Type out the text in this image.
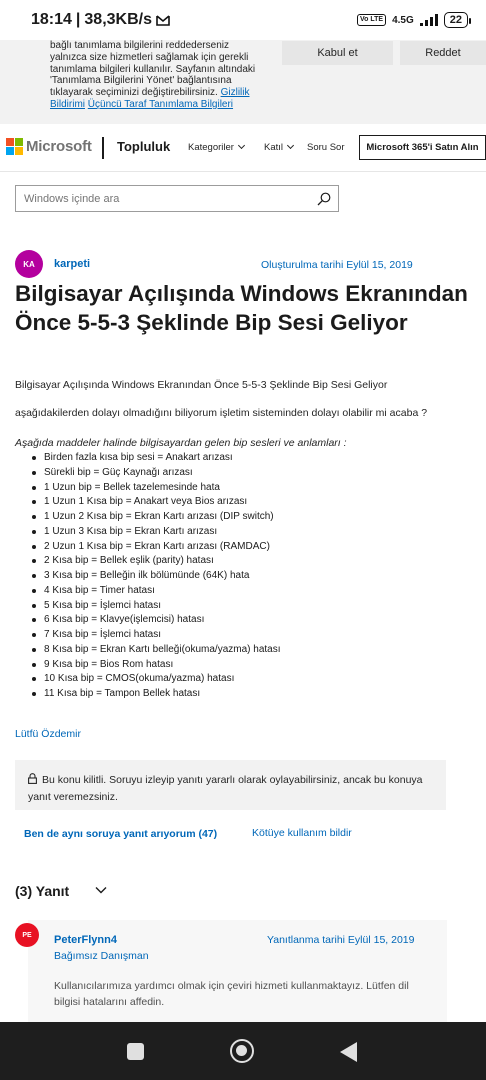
18:14 | 38,3KB/s	Vo LTE 4.5G	22
bağlı tanımlama bilgilerini reddederseniz yalnızca size hizmetleri sağlamak için gerekli tanımlama bilgileri kullanılır. Sayfanın altındaki 'Tanımlama Bilgilerini Yönet' bağlantısına tıklayarak seçiminizi değiştirebilirsiniz. Gizlilik Bildirimi Üçüncü Taraf Tanımlama Bilgileri
Kabul et	Reddet
Microsoft Topluluk Kategoriler	Katıl	Soru Sor	Microsoft 365'i Satın Alın
Windows içinde ara
KA	karpeti	Oluşturulma tarihi Eylül 15, 2019
Bilgisayar Açılışında Windows Ekranından Önce 5-5-3 Şeklinde Bip Sesi Geliyor

Bilgisayar Açılışında Windows Ekranından Önce 5-5-3 Şeklinde Bip Sesi Geliyor

aşağıdakilerden dolayı olmadığını biliyorum işletim sisteminden dolayı olabilir mi acaba ?

Aşağıda maddeler halinde bilgisayardan gelen bip sesleri ve anlamları :

Birden fazla kısa bip sesi = Anakart arızası
Sürekli bip = Güç Kaynağı arızası
1 Uzun bip = Bellek tazelemesinde hata
1 Uzun 1 Kısa bip = Anakart veya Bios arızası
1 Uzun 2 Kısa bip = Ekran Kartı arızası (DIP switch)
1 Uzun 3 Kısa bip = Ekran Kartı arızası
2 Uzun 1 Kısa bip = Ekran Kartı arızası (RAMDAC)
2 Kısa bip = Bellek eşlik (parity) hatası
3 Kısa bip = Belleğin ilk bölümünde (64K) hata
4 Kısa bip = Timer hatası
5 Kısa bip = İşlemci hatası
6 Kısa bip = Klavye(işlemcisi) hatası
7 Kısa bip = İşlemci hatası
8 Kısa bip = Ekran Kartı belleği(okuma/yazma) hatası
9 Kısa bip = Bios Rom hatası
10 Kısa bip = CMOS(okuma/yazma) hatası
11 Kısa bip = Tampon Bellek hatası
Lütfü Özdemir
Bu konu kilitli. Soruyu izleyip yanıtı yararlı olarak oylayabilirsiniz, ancak bu konuya yanıt veremezsiniz.
Ben de aynı soruya yanıt arıyorum (47)	Kötüye kullanım bildir
(3) Yanıt
PE	PeterFlynn4
Bağımsız Danışman
Yanıtlanma tarihi Eylül 15, 2019

Kullanıcılarımıza yardımcı olmak için çeviri hizmeti kullanmaktayız. Lütfen dil bilgisi hatalarını affedin.
